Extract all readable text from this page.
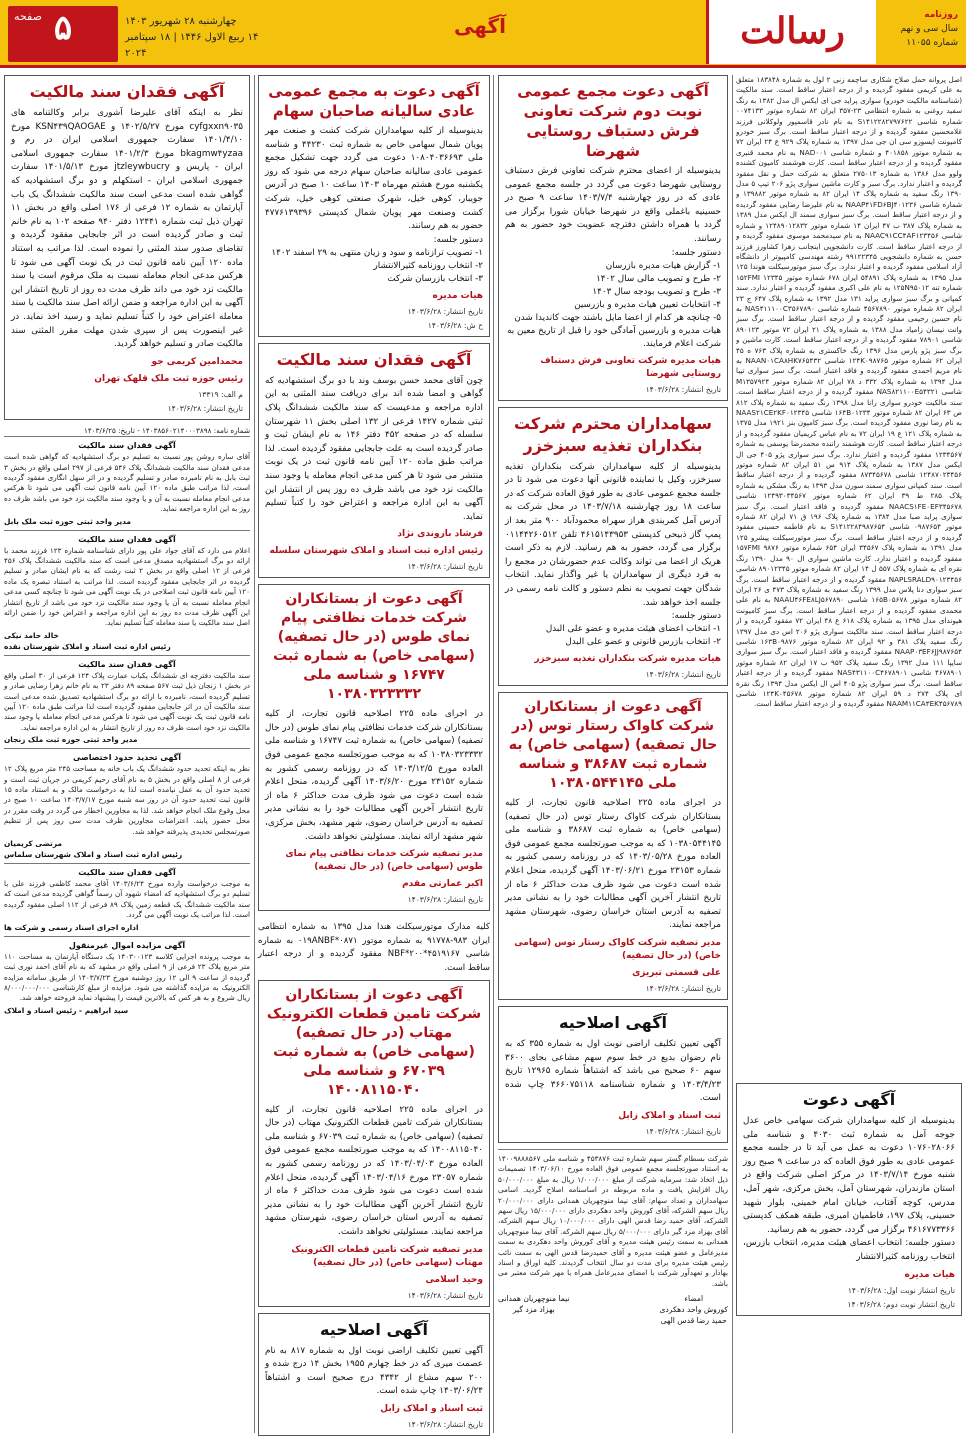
صفحه ۵	چهارشنبه ۲۸ شهریور ۱۴۰۳
۱۴ ربیع الاول ۱۴۴۶ | ۱۸ سپتامبر ۲۰۲۴
آگهی	رسالت	روزنامه
سال سی و نهم
شماره ۱۱۰۵۵
اصل پروانه حمل صلاح شکاری ساچمه زنی ۲ لول به شماره ۱۸۳۸۴۸ متعلق به علی کریمی مفقود گردیده و از درجه اعتبار ساقط است. سند مالکیت (شناسنامه مالکیت خودرو) سواری پراید جی ای ایکس ال مدل ۱۳۸۲ به رنگ سفید روغنی به شماره انتظامی ۲۳-۳۵۷ ایران ۸۲ شماره موتور ۰۰۷۴۱۳۳ شماره شاسی S۱۴۱۲۲۸۲۷۹۷۶۲۲ به نام نادر قاسمپور ولوکلانی فرزند غلامحسین مفقود گردیده و از درجه اعتبار ساقط است. برگ سبز خودرو کامیونت ایسوزو سی ان جی مدل ۱۳۹۷ به شماره پلاک ۹۲۹ ع ۲۴ ایران ۷۲ به شماره موتور ۴۰۱۸۵۸ و شماره شاسی NAD۰۰۱ به نام محمد قنبری مفقود گردیده و از درجه اعتبار ساقط است. کارت هوشمند کامیون کشنده ولوو مدل ۱۳۸۶ به شماره ۲۷۵۰۱۳ متعلق به شرکت حمل و نقل مفقود گردیده و اعتبار ندارد. برگ سبز و کارت ماشین سواری پژو ۲۰۶ تیپ ۵ مدل ۱۳۹۰ رنگ سفید به شماره پلاک ۱۴ ایران ۸۲ به شماره موتور ۱۳۹۸۸۲ و شماره شاسی NAAP۴۱FD۶BJ۴۰۱۲۳۶ به نام علیرضا رضایی مفقود گردیده و از درجه اعتبار ساقط است. برگ سبز سواری سمند ال ایکس مدل ۱۳۸۹ به شماره پلاک ۳۸۷ ب ۴۷ ایران ۱۴ شماره موتور ۱۲۴۸۹۰۱۲۸۳۲ و شماره شاسی NAAC۹۱CC۴AF۱۲۳۴۵۶ به نام سیدمحمد موسوی مفقود گردیده و از درجه اعتبار ساقط است. کارت دانشجویی اینجانب زهرا کشاورز فرزند حسن به شماره دانشجویی ۹۹۱۲۲۳۴۵ رشته مهندسی کامپیوتر از دانشگاه آزاد اسلامی مفقود گردیده و اعتبار ندارد. برگ سبز موتورسیکلت هوندا ۱۲۵ مدل ۱۳۹۵ به شماره پلاک ۵۴۸۹۱ ایران ۶۷۸ شماره موتور ۱۵۲FMI ۱۲۳۴۵ شماره تنه ۱۲۵N۹۵۰۱۲ به نام علی اکبری مفقود گردیده و اعتبار ندارد. سند کمپانی و برگ سبز سواری پراید ۱۳۱ مدل ۱۳۹۲ به شماره پلاک ۶۴۷ ج ۲۳ ایران ۸۲ شماره موتور ۴۵۶۷۸۹۰ شماره شاسی NAS۴۱۱۱۰۰C۳۵۶۷۸۹۰ به نام حسین رحیمی مفقود گردیده و از درجه اعتبار ساقط است. برگ سبز وانت نیسان زامیاد مدل ۱۳۸۸ به شماره پلاک ۲۱ ایران ۷۲ موتور ۸۹۰۱۲۳ شاسی ۷۸۹۰۱ مفقود گردیده و از درجه اعتبار ساقط است. کارت ماشین و برگ سبز پژو پارس مدل ۱۳۹۶ رنگ خاکستری به شماره پلاک ۷۶۳ ه ۴۵ ایران ۶۲ شماره موتور ۱۲۴K۰۹۸۷۶۵ شاسی NAAN۰۱CA۸HK۷۶۵۴۳۲ به نام مریم احمدی مفقود گردیده و فاقد اعتبار است. برگ سبز سواری تیبا مدل ۱۳۹۴ به شماره پلاک ۳۳۲ د ۷۸ ایران ۸۲ شماره موتور M۱۳۵۷۹۲۴ شاسی NAS۸۲۱۱۰۰E۵۴۳۲۱ مفقود گردیده و از درجه اعتبار ساقط است. سند مالکیت خودرو سواری رانا مدل ۱۳۹۸ رنگ سفید به شماره پلاک ۸۱۲ ص ۶۳ ایران ۸۲ شماره موتور ۱۶۴B۰۱۲۳۴ شاسی NAAS۲۱CE۲KF۰۱۲۳۴۵ به نام رضا نوری مفقود گردیده است. برگ سبز کامیون بنز ۱۹۲۱ مدل ۱۳۷۵ به شماره پلاک ۱۲۱ ع ۱۹ ایران ۷۲ به نام عباس کریمیان مفقود گردیده و از درجه اعتبار ساقط است. کارت هوشمند راننده محمدرضا یوسفی به شماره ۱۲۳۴۵۶۷ مفقود گردیده و اعتبار ندارد. برگ سبز سواری پژو ۴۰۵ جی ال ایکس مدل ۱۳۸۷ به شماره پلاک ۹۱۴ س ۵۱ ایران ۸۲ شماره موتور ۱۲۴۸۷۰۲۳۴۵۶ شاسی ۸۷۳۴۵۶۷۸ مفقود گردیده و از درجه اعتبار ساقط است. سند کمپانی سواری سمند سورن مدل ۱۳۹۳ به رنگ مشکی به شماره پلاک ۲۸۵ ط ۳۹ ایران ۶۲ شماره موتور ۱۲۴۹۳۰۳۴۵۶۷ شاسی NAACS۱FE۰EF۳۴۵۶۷۸ مفقود گردیده و فاقد اعتبار است. برگ سبز سواری پراید صبا مدل ۱۳۸۴ به شماره پلاک ۱۹۶ ق ۷۱ ایران ۸۲ شماره موتور ۰۹۸۷۶۵۴ شاسی S۱۴۱۲۲۸۴۹۸۷۶۵۴ به نام فاطمه حسینی مفقود گردیده و از درجه اعتبار ساقط است. برگ سبز موتورسیکلت پیشرو ۱۲۵ مدل ۱۳۹۱ به شماره پلاک ۳۴۵۶۷ ایران ۶۵۴ شماره موتور ۱۵۷FMI ۹۸۷۶ مفقود گردیده و اعتبار ندارد. کارت ماشین سواری ال ۹۰ مدل ۱۳۹۰ رنگ نقره ای به شماره پلاک ۵۵۷ ل ۱۴ ایران ۸۲ شماره موتور ۸۹۰۱۲۳۴۵ شاسی NAPLSRALD۹۰۱۲۳۴۵۶ مفقود گردیده و از درجه اعتبار ساقط است. برگ سبز سواری دنا پلاس مدل ۱۳۹۹ رنگ سفید به شماره پلاک ۴۷۳ ی ۲۶ ایران ۸۲ شماره موتور ۱۶۵B۰۵۶۷۸ شاسی NAAU۴۶FE۸LJ۵۶۷۸۹۰ به نام علی محمدی مفقود گردیده و از درجه اعتبار ساقط است. برگ سبز کامیونت هیوندای مدل ۱۳۹۵ به شماره پلاک ۶۱۸ ع ۴۸ ایران ۷۲ مفقود گردیده و از درجه اعتبار ساقط است. سند مالکیت سواری پژو ۲۰۶ اس دی مدل ۱۳۹۷ رنگ سفید پلاک ۳۸۱ و ۹۲ ایران ۸۲ شماره موتور ۱۶۳B۰۹۸۷۶ شاسی NAAP۰۳EF۶JJ۹۸۷۶۵۴ مفقود گردیده و فاقد اعتبار است. برگ سبز سواری سایپا ۱۱۱ مدل ۱۳۹۲ رنگ سفید پلاک ۹۵۲ ب ۱۷ ایران ۸۲ شماره موتور ۴۶۷۸۹۰۱ شاسی NAS۴۳۱۱۰۰C۴۶۷۸۹۰۱ مفقود گردیده و از درجه اعتبار ساقط است. برگ سبز سواری پژو ۴۰۵ اس ال ایکس مدل ۱۳۹۴ رنگ نقره ای پلاک ۲۷۴ د ۵۹ ایران ۸۲ شماره موتور ۱۲۴K۰۴۵۶۷۸ شاسی NAAM۱۱CA۴EK۴۵۶۷۸۹ مفقود گردیده و از درجه اعتبار ساقط است.
آگهی دعوت
بدینوسیله از کلیه سهامداران شرکت سهامی خاص عدل جوجه آمل به شماره ثبت ۴۰۳۰ و شناسه ملی ۱۰۷۶۰۲۸۰۶۶ دعوت به عمل می آید تا در جلسه مجمع عمومی عادی به طور فوق العاده که در ساعت ۹ صبح روز شنبه مورخ ۱۴۰۳/۷/۱۴ در مرکز اصلی شرکت واقع در استان مازندران، شهرستان آمل، بخش مرکزی، شهر آمل، مدرس، کوچه آفتاب، خیابان امام خمینی، بلوار شهید حسینی، پلاک ۱۹۷، فاطمیان امیری، طبقه همکف کدپستی ۴۶۱۶۷۷۳۳۶۶ برگزار می گردد، حضور به هم رسانید.
دستور جلسه: انتخاب اعضای هیئت مدیره، انتخاب بازرس، انتخاب روزنامه کثیرالانتشار
هیات مدیره
تاریخ انتشار نوبت اول: ۱۴۰۳/۶/۲۸
تاریخ انتشار نوبت دوم: ۱۴۰۳/۶/۲۸
آگهی دعوت مجمع عمومی نوبت دوم شرکت تعاونی فرش دستباف روستایی شهرضا
بدینوسیله از اعضای محترم شرکت تعاونی فرش دستباف روستایی شهرضا دعوت می گردد در جلسه مجمع عمومی عادی که در روز چهارشنبه ۱۴۰۳/۷/۴ ساعت ۹ صبح در حسینیه باغملی واقع در شهرضا خیابان شورا برگزار می گردد با همراه داشتن دفترچه عضویت خود حضور به هم رسانند.
دستور جلسه:
۱- گزارش هیات مدیره بازرسان
۲- طرح و تصویب مالی سال ۱۴۰۲
۳- طرح و تصویب بودجه سال ۱۴۰۳
۴- انتخابات تعیین هیات مدیره و بازرسین
۵- چنانچه هر کدام از اعضا مایل باشند جهت کاندیدا شدن هیات مدیره و بازرسین آمادگی خود را قبل از تاریخ معین به شرکت اعلام فرمایند.
هیات مدیره شرکت تعاونی فرش دستباف روستایی شهرضا
تاریخ انتشار: ۱۴۰۳/۶/۲۸
سهامداران محترم شرکت بنکداران تغذیه سبزخزر
بدینوسیله از کلیه سهامداران شرکت بنکداران تغذیه سبزخزر، وکیل یا نماینده قانونی آنها دعوت می شود تا در جلسه مجمع عمومی عادی به طور فوق العاده شرکت که در ساعت ۱۸ روز چهارشنبه ۱۴۰۳/۷/۱۸ در محل شرکت به آدرس آمل کمربندی هراز سهراه محمودآباد ۹۰۰ متر بعد از پمپ گاز ذبیحی کدپستی ۴۶۱۵۱۴۳۹۵۳ تلفن ۰۱۱۴۴۲۶۰۵۱۲ برگزار می گردد، حضور به هم رسانید. لازم به ذکر است هریک از اعضا می تواند وکالت عدم حضورشان در مجمع را به فرد دیگری از سهامداران یا غیر واگذار نماید. انتخاب شدگان جهت تصویب به نظم دستور و کالت نامه رسمی در جلسه اخذ خواهد شد.
دستور جلسه:
۱- انتخاب اعضای هیئت مدیره و عضو علی البدل
۲- انتخاب بازرس قانونی و عضو علی البدل
هیات مدیره شرکت بنکداران تغذیه سبزخزر
تاریخ انتشار: ۱۴۰۳/۶/۲۸
آگهی دعوت از بستانکاران شرکت کاواک رستار توس (در حال تصفیه) (سهامی خاص) به شماره ثبت ۳۸۶۸۷ و شناسه ملی ۱۰۳۸۰۵۴۴۱۴۵
در اجرای ماده ۲۲۵ اصلاحیه قانون تجارت، از کلیه بستانکاران شرکت کاواک رستار توس (در حال تصفیه) (سهامی خاص) به شماره ثبت ۳۸۶۸۷ و شناسه ملی ۱۰۳۸۰۵۴۴۱۴۵ که به موجب صورتجلسه مجمع عمومی فوق العاده مورخ ۱۴۰۳/۰۵/۲۸ که در روزنامه رسمی کشور به شماره ۲۳۱۵۳ مورخ ۱۴۰۳/۰۶/۲۱ آگهی گردیده، منحل اعلام شده است دعوت می شود ظرف مدت حداکثر ۶ ماه از تاریخ انتشار آخرین آگهی مطالبات خود را به نشانی مدیر تصفیه به آدرس استان خراسان رضوی، شهرستان مشهد مراجعه نمایند.
مدیر تصفیه شرکت کاواک رستار توس (سهامی خاص) (در حال تصفیه)
علی قسمتی تبریزی
تاریخ انتشار: ۱۴۰۳/۶/۲۸
آگهی اصلاحیه
آگهی تعیین تکلیف اراضی نوبت اول به شماره ۳۵۵ که به نام رضوان بدیع در خط سوم سهم مشاعی بجای ۳۶۰۰ سهم ۶۰ صحیح می باشد که اشتباهاً شماره ۱۲۹۶۵ تاریخ ۱۴۰۳/۴/۲۳ و شماره شناسنامه ۳۶۶۰۷۵۱۱۸ چاپ شده است.
ثبت اسناد و املاک زابل
تاریخ انتشار: ۱۴۰۳/۶/۲۸
شرکت بسطام گستر سهم شماره ثبت ۴۵۳۸۷۶ و شناسه ملی ۱۴۰۰۹۸۸۸۵۶۷ به استناد صورتجلسه مجمع عمومی فوق العاده مورخ ۱۴۰۳/۰۶/۱۰ تصمیمات ذیل اتخاذ شد: سرمایه شرکت از مبلغ ۱/۰۰۰/۰۰۰ ریال به مبلغ ۵۰/۰۰۰/۰۰۰ ریال افزایش یافت و ماده مربوطه در اساسنامه اصلاح گردید. اسامی سهامداران و تعداد سهام: آقای نیما منوچهریان همدانی دارای ۲۰/۰۰۰/۰۰۰ ریال سهم الشرکه، آقای کوروش واحد دهکردی دارای ۱۵/۰۰۰/۰۰۰ ریال سهم الشرکه، آقای حمید رضا قدس الهی دارای ۱۰/۰۰۰/۰۰۰ ریال سهم الشرکه، آقای بهزاد مزد گیر دارای ۵/۰۰۰/۰۰۰ ریال سهم الشرکه. آقای نیما منوچهریان همدانی به سمت رئیس هیئت مدیره و آقای کوروش واحد دهکردی به سمت مدیرعامل و عضو هیئت مدیره و آقای حمیدرضا قدس الهی به سمت نائب رئیس هیئت مدیره برای مدت دو سال انتخاب گردیدند. کلیه اوراق و اسناد بهادار و تعهدآور شرکت با امضای مدیرعامل همراه با مهر شرکت معتبر می باشد.
امضاء
کوروش واحد دهکردی
حمید رضا قدس الهی
نیما منوچهریان همدانی
بهزاد مزد گیر
آگهی دعوت به مجمع عمومی عادی سالیانه صاحبان سهام
بدینوسیله از کلیه سهامداران شرکت کشت و صنعت مهر پویان شمال سهامی خاص به شماره ثبت ۴۴۲۳۰ و شناسه ملی ۱۰۸۰۴۰۳۶۶۹۳ دعوت می گردد جهت تشکیل مجمع عمومی عادی سالیانه صاحبان سهام درجه مي شود که روز یکشنبه مورخ هشتم مهرماه ۱۴۰۳ ساعت ۱۰ صبح در آدرس جویبار، کوهی خیل، شهرک صنعتی کوهی خیل، شرکت کشت وصنعت مهر پویان شمال کدپستی ۴۷۷۶۱۳۹۳۹۶ حضور به هم رسانند.
دستور جلسه:
۱- تصویب ترازنامه و سود و زیان منتهی به ۲۹ اسفند ۱۴۰۲
۲- انتخاب روزنامه کثیرالانتشار
۳- انتخاب بازرسان شرکت
هیات مدیره
تاریخ انتشار: ۱۴۰۳/۶/۲۸
ح ش: ۱۴۰۳/۶/۲۸
آگهی فقدان سند مالکیت
چون آقای محمد حسن بوسف وند با دو برگ استشهادیه که گواهی و امضا شده اند برای دریافت سند المثنی به این اداره مراجعه و مدعیست که سند مالکیت ششدانگ پلاک ثبتی شماره ۱۴۲۷ فرعی از ۱۳۲ اصلی بخش ۱۱ شهرستان سلسله که در صفحه ۴۵۲ دفتر ۱۴۶ به نام ایشان ثبت و صادر گردیده است به علت جابجایی مفقود گردیده است. لذا مراتب طبق ماده ۱۲۰ آیین نامه قانون ثبت در یک نوبت منتشر می شود تا هر کس مدعی انجام معامله یا وجود سند مالکیت نزد خود می باشد ظرف ده روز پس از انتشار این آگهی به این اداره مراجعه و اعتراض خود را کتباً تسلیم نماید.
فرشاد بازوندی نژاد
رئیس اداره ثبت اسناد و املاک شهرستان سلسله
تاریخ انتشار: ۱۴۰۳/۶/۲۸
آگهی دعوت از بستانکاران شرکت خدمات نظافتی پیام نمای طوس (در حال تصفیه) (سهامی خاص) به شماره ثبت ۱۶۷۴۷ و شناسه ملی ۱۰۳۸۰۳۲۳۳۳۲
در اجرای ماده ۲۲۵ اصلاحیه قانون تجارت، از کلیه بستانکاران شرکت خدمات نظافتی پیام نمای طوس (در حال تصفیه) (سهامی خاص) به شماره ثبت ۱۶۷۴۷ و شناسه ملی ۱۰۳۸۰۳۲۳۳۳۲ که به موجب صورتجلسه مجمع عمومی فوق العاده مورخ ۱۴۰۳/۱۲/۵ که در روزنامه رسمی کشور به شماره ۲۳۱۵۲ مورخ ۱۴۰۳/۶/۲۰ آگهی گردیده، منحل اعلام شده است دعوت می شود ظرف مدت حداکثر ۶ ماه از تاریخ انتشار آخرین آگهی مطالبات خود را به نشانی مدیر تصفیه به آدرس خراسان رضوی، شهر مشهد، بخش مرکزی، شهر مشهد ارائه نمایند. مسئولیتی نخواهد داشت.
مدیر تصفیه شرکت خدمات نظافتی پیام نمای طوس (سهامی خاص) (در حال تصفیه)
اکبر عمارتی مقدم
تاریخ انتشار: ۱۴۰۳/۶/۲۸
کلیه مدارک موتورسیکلت هندا مدل ۱۳۹۵ به شماره انتظامی ایران ۹۸۳-۹۱۷۷۸ به شماره موتور ۰۱۹ANBF*۰۸۷۱ به شماره شاسی NBF*۲۰۰*۴۵۱۹۱۶۷ مفقود گردیده و از درجه اعتبار ساقط است.
آگهی دعوت از بستانکاران شرکت تامین قطعات الکترونیک مهتاب (در حال تصفیه) (سهامی خاص) به شماره ثبت ۶۷۰۳۹ و شناسه ملی ۱۴۰۰۸۱۱۵۰۴۰
در اجرای ماده ۲۲۵ اصلاحیه قانون تجارت، از کلیه بستانکاران شرکت تامین قطعات الکترونیک مهتاب (در حال تصفیه) (سهامی خاص) به شماره ثبت ۶۷۰۳۹ و شناسه ملی ۱۴۰۰۸۱۱۵۰۴۰ که به موجب صورتجلسه مجمع عمومی فوق العاده مورخ ۱۴۰۳/۰۴/۰۳ که در روزنامه رسمی کشور به شماره ۲۳۰۵۷ مورخ ۱۴۰۳/۰۴/۱۶ آگهی گردیده، منحل اعلام شده است دعوت می شود ظرف مدت حداکثر ۶ ماه از تاریخ انتشار آخرین آگهی مطالبات خود را به نشانی مدیر تصفیه به آدرس استان خراسان رضوی، شهرستان مشهد مراجعه نمایند. مسئولیتی نخواهد داشت.
مدیر تصفیه شرکت تامین قطعات الکترونیک مهتاب (سهامی خاص) (در حال تصفیه)
وحید اسلامی
تاریخ انتشار: ۱۴۰۳/۶/۲۸
آگهی اصلاحیه
آگهی تعیین تکلیف اراضی نوبت اول به شماره ۸۱۷ به نام عصمت میری که در خط چهارم ۱۹۵۵ بخش ۱۴ درج شده و ۲۰۰ سهم مشاع از ۴۳۴۲ درج صحیح است و اشتباهاً ۱۴۰۳/۰۶/۲۴ چاپ شده است.
ثبت اسناد و املاک زابل
تاریخ انتشار: ۱۴۰۳/۶/۲۸
آگهی فقدان سند مالکیت
نظر به اینکه آقای علیرضا آشوری برابر وکالتنامه های cyfgxxn۹۰۳۵ مورخ ۱۴۰۲/۵/۲۷ و KSN۴۳۹QAOGAE مورخ ۱۴۰۱/۴/۱۰ سفارت جمهوری اسلامی ایران در رم و bkagmw۴yzaa مورخ ۱۴۰۱/۲/۳ سفارت جمهوری اسلامی ایران - پاریس و jtzleywbucry مورخ ۱۴۰۱/۵/۱۳ سفارت جمهوری اسلامی ایران - استکهلم و دو برگ استشهادیه که گواهی شده است مدعی است سند مالکیت ششدانگ یک باب آپارتمان به شماره ۱۲ فرعی از ۱۷۶ اصلی واقع در بخش ۱۱ تهران ذیل ثبت شماره ۱۲۴۴۱ دفتر ۹۴۰ صفحه ۱۰۲ به نام خانم ثبت و صادر گردیده است در اثر جابجایی مفقود گردیده و تقاضای صدور سند المثنی را نموده است. لذا مراتب به استناد ماده ۱۲۰ آیین نامه قانون ثبت در یک نوبت آگهی می شود تا هرکس مدعی انجام معامله نسبت به ملک مرقوم است یا سند مالکیت نزد خود می داند ظرف مدت ده روز از تاریخ انتشار این آگهی به این اداره مراجعه و ضمن ارائه اصل سند مالکیت یا سند معامله اعتراض خود را کتباً تسلیم نماید و رسید اخذ نماید. در غیر اینصورت پس از سپری شدن مهلت مقرر المثنی سند مالکیت صادر و تسلیم خواهد گردید.
محمدامین کریمی جو
رئیس حوزه ثبت ملک قلهک تهران
م الف: ۱۳۳۱۹
تاریخ انتشار: ۱۴۰۳/۶/۲۸
شماره نامه: ۱۴۰۳۸۵۶۰۲۱۴۰۰۰۳۸۹۸ - تاریخ: ۱۴۰۳/۶/۲۵
آگهی فقدان سند مالکیت
آقای ساره روشن پور نسبت به تسلیم دو برگ استشهادیه که گواهی شده است مدعی فقدان سند مالکیت ششدانگ پلاک ۵۴۶ فرعی از ۲۹۷ اصلی واقع در بخش ۳ ثبت بابل به نام نامبرده صادر و تسلیم گردیده و در اثر سهل انگاری مفقود گردیده است، لذا مراتب طبق ماده ۱۲۰ آیین نامه قانون ثبت آگهی می شود تا هرکس مدعی انجام معامله نسبت به آن و یا وجود سند مالکیت نزد خود می باشد ظرف ده روز به این اداره مراجعه نماید.
مدیر واحد ثبتی حوزه ثبت ملک بابل
آگهی فقدان سند مالکیت
اعلام می دارد که آقای جواد علی پور دارای شناسنامه شماره ۱۲۳ فرزند محمد با ارائه دو برگ استشهادیه مصدق مدعی است که سند مالکیت ششدانگ پلاک ۴۵۶ فرعی از ۱۲ اصلی واقع در بخش ۲ ثبت رشت که به نام ایشان صادر و تسلیم گردیده در اثر جابجایی مفقود گردیده است. لذا مراتب به استناد تبصره یک ماده ۱۲۰ آیین نامه قانون ثبت اصلاحی در یک نوبت آگهی می شود تا چنانچه کسی مدعی انجام معامله نسبت به آن یا وجود سند مالکیت نزد خود می باشد از تاریخ انتشار این آگهی ظرف مدت ده روز به این اداره مراجعه و اعتراض خود را ضمن ارائه اصل سند مالکیت یا سند معامله کتباً تسلیم نماید.
خالد حامد نیکی
رئیس اداره ثبت اسناد و املاک شهرستان نقده
آگهی فقدان سند مالکیت
سند مالکیت دفترچه ای ششدانگ یکباب عمارت پلاک ۱۲۴ فرعی از ۳۰ اصلی واقع در بخش ۱ زنجان ذیل ثبت ۵۶۷ صفحه ۸۹ دفتر ۲۳ به نام خانم زهرا رضایی صادر و تسلیم گردیده است، نامبرده با ارائه دو برگ استشهادیه تصدیق شده مدعی است سند مالکیت آن در اثر جابجایی مفقود گردیده است لذا مراتب طبق ماده ۱۲۰ آیین نامه قانون ثبت یک نوبت آگهی می شود تا هرکس مدعی انجام معامله یا وجود سند مالکیت نزد خود است ظرف ده روز از تاریخ انتشار به این اداره مراجعه نماید.
مدیر واحد ثبتی حوزه ثبت ملک زنجان
آگهی تحدید حدود اختصاصی
نظر به اینکه تحدید حدود ششدانگ یک باب خانه به مساحت ۲۴۵ متر مربع پلاک ۱۲ فرعی از ۸ اصلی واقع در بخش ۵ به نام آقای رحیم کریمی در جریان ثبت است و تحدید حدود آن به عمل نیامده است لذا به درخواست مالک و به استناد ماده ۱۵ قانون ثبت تحدید حدود آن در روز سه شنبه مورخ ۱۴۰۳/۷/۱۷ ساعت ۱۰ صبح در محل وقوع ملک انجام خواهد شد. لذا به مجاورین اخطار می گردد در وقت مقرر در محل حضور یابند. اعتراضات مجاورین ظرف مدت سی روز پس از تنظیم صورتمجلس تحدیدی پذیرفته خواهد شد.
مرتضی کریمیان
رئیس اداره ثبت اسناد و املاک شهرستان سلماس
آگهی فقدان سند مالکیت
به موجب درخواست وارده مورخ ۱۴۰۳/۶/۲۴ آقای محمد کاظمی فرزند علی با تسلیم دو برگ استشهادیه که امضاء شهود آن رسماً گواهی گردیده مدعی است که سند مالکیت ششدانگ یک قطعه زمین پلاک ۸۹ فرعی از ۱۱۲ اصلی مفقود گردیده است. لذا مراتب یک نوبت آگهی می گردد.
اداره اجرای اسناد رسمی و شرکت ها
آگهی مزایده اموال غیرمنقول
به موجب پرونده اجرایی کلاسه ۱۴۰۳۰۰۱۲۳ یک دستگاه آپارتمان به مساحت ۱۱۰ متر مربع پلاک ۲۳ فرعی از ۹ اصلی واقع در مشهد که به نام آقای احمد نوری ثبت گردیده از ساعت ۹ الی ۱۲ روز دوشنبه مورخ ۱۴۰۳/۷/۲۳ از طریق سامانه مزایده الکترونیک به مزایده گذاشته می شود. مزایده از مبلغ کارشناسی ۸/۰۰۰/۰۰۰/۰۰۰ ریال شروع و به هر کس که بالاترین قیمت را پیشنهاد نماید فروخته خواهد شد.
سید ابراهیم - رئیس اسناد و املاک
